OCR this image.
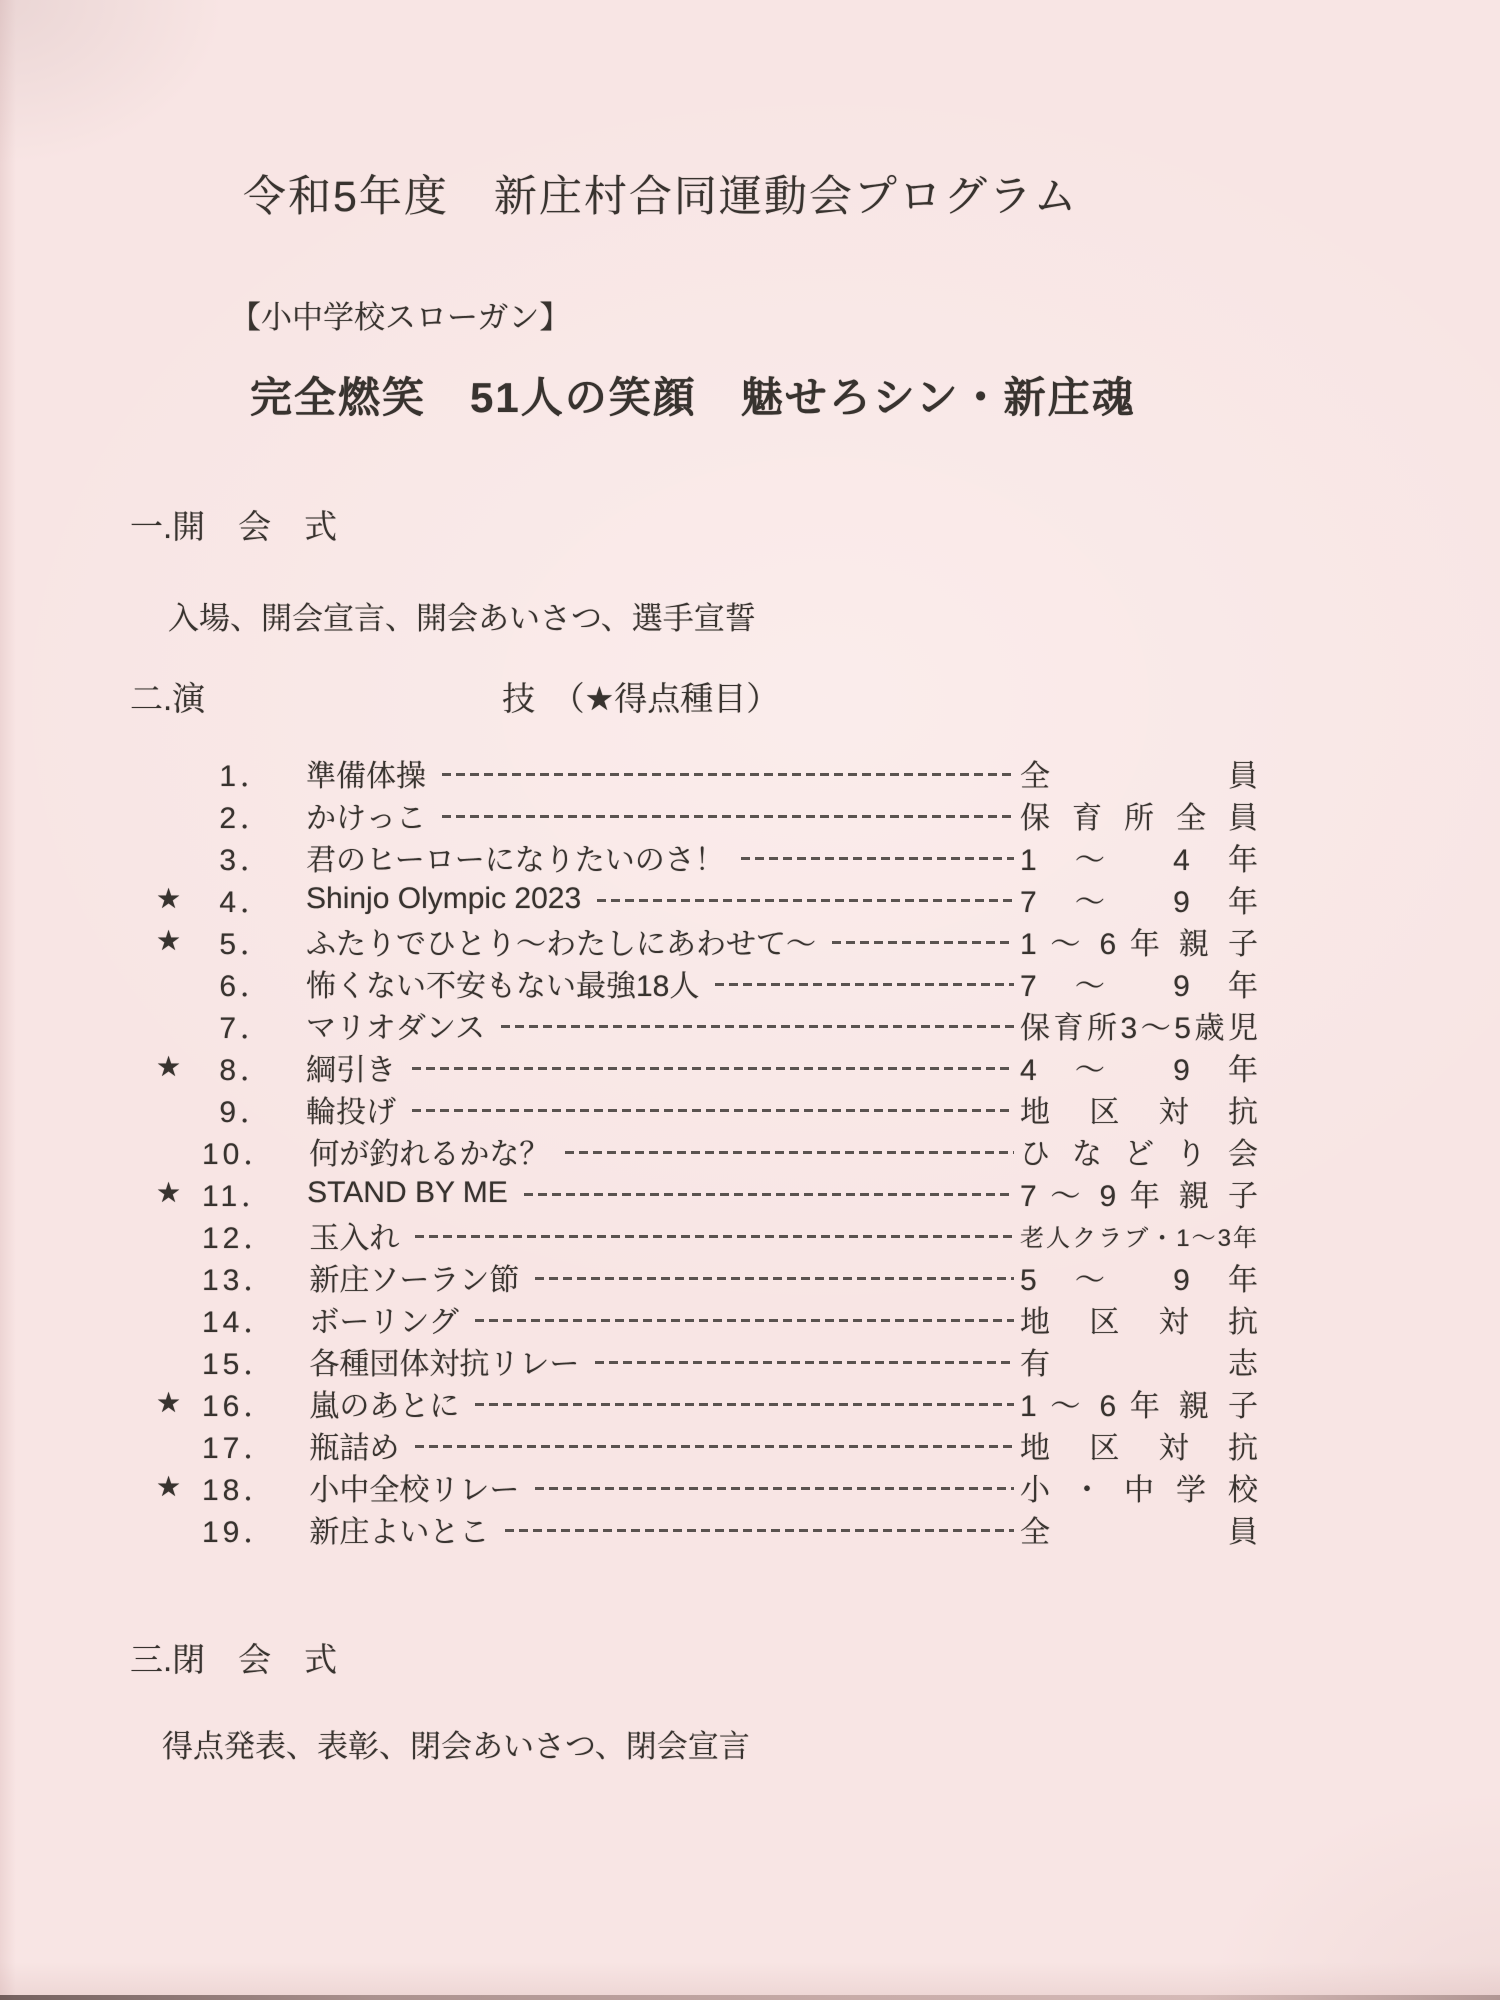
令和5年度　新庄村合同運動会プログラム
【小中学校スローガン】
完全燃笑　51人の笑顔　魅せろシン・新庄魂
一.開　会　式
入場、開会宣言、開会あいさつ、選手宣誓
二.演　　　　　　　　　技　（★得点種目）
1． 準備体操	全 員
2． かけっこ	保 育 所 全 員
3． 君のヒーローになりたいのさ！	1 ～ 4 年
★	4． Shinjo Olympic 2023	7 ～ 9 年
★	5． ふたりでひとり～わたしにあわせて～	1 ～ 6 年 親 子
6． 怖くない不安もない最強18人	7 ～ 9 年
7． マリオダンス	保育所3～5歳児
★	8． 綱引き	4 ～ 9 年
9． 輪投げ	地 区 対 抗
10． 何が釣れるかな？	ひ な ど り 会
★ 11． STAND BY ME	7 ～ 9 年 親 子
12． 玉入れ	老人クラブ・1～3年
13． 新庄ソーラン節	5 ～ 9 年
14． ボーリング	地 区 対 抗
15． 各種団体対抗リレー	有 志
★ 16． 嵐のあとに	1 ～ 6 年 親 子
17． 瓶詰め	地 区 対 抗
★ 18． 小中全校リレー	小 ・ 中 学 校
19． 新庄よいとこ	全 員
三.閉　会　式
得点発表、表彰、閉会あいさつ、閉会宣言
